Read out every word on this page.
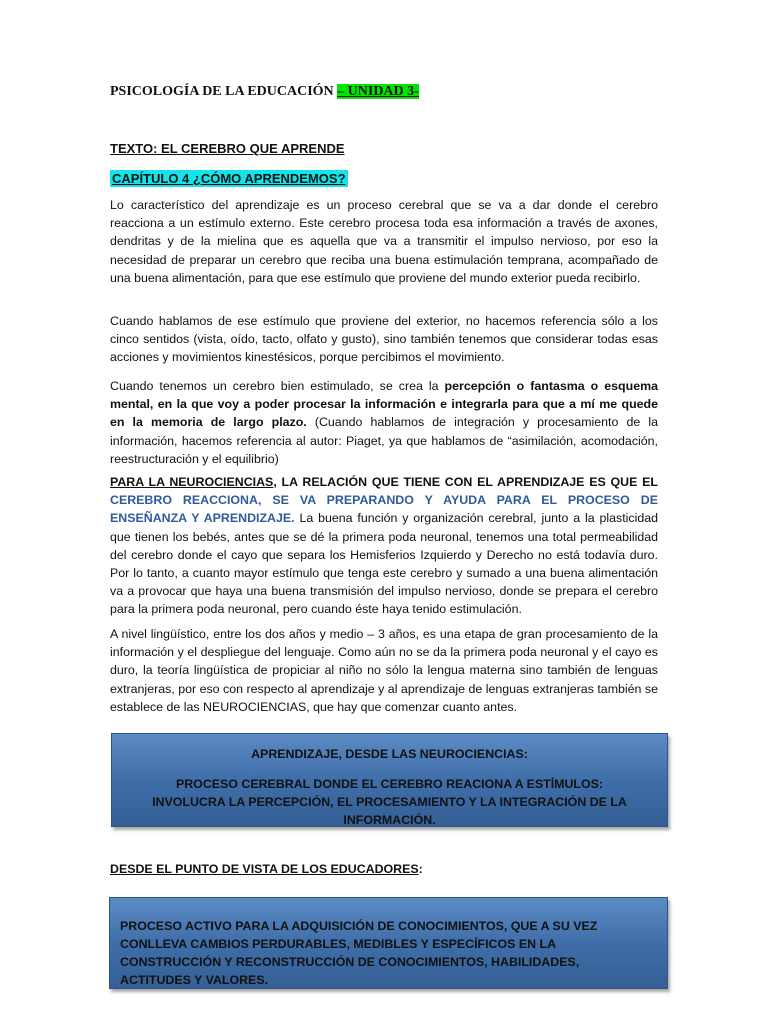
PSICOLOGÍA DE LA EDUCACIÓN – UNIDAD 3-
TEXTO: EL CEREBRO QUE APRENDE
CAPÍTULO 4 ¿CÓMO APRENDEMOS?

Lo característico del aprendizaje es un proceso cerebral que se va a dar donde el cerebro reacciona a un estímulo externo. Este cerebro procesa toda esa información a través de axones, dendritas y de la mielina que es aquella que va a transmitir el impulso nervioso, por eso la necesidad de preparar un cerebro que reciba una buena estimulación temprana, acompañado de una buena alimentación, para que ese estímulo que proviene del mundo exterior pueda recibirlo.

Cuando hablamos de ese estímulo que proviene del exterior, no hacemos referencia sólo a los cinco sentidos (vista, oído, tacto, olfato y gusto), sino también tenemos que considerar todas esas acciones y movimientos kinestésicos, porque percibimos el movimiento.

Cuando tenemos un cerebro bien estimulado, se crea la percepción o fantasma o esquema mental, en la que voy a poder procesar la información e integrarla para que a mí me quede en la memoria de largo plazo. (Cuando hablamos de integración y procesamiento de la información, hacemos referencia al autor: Piaget, ya que hablamos de “asimilación, acomodación, reestructuración y el equilibrio)

PARA LA NEUROCIENCIAS, LA RELACIÓN QUE TIENE CON EL APRENDIZAJE ES QUE EL CEREBRO REACCIONA, SE VA PREPARANDO Y AYUDA PARA EL PROCESO DE ENSEÑANZA Y APRENDIZAJE. La buena función y organización cerebral, junto a la plasticidad que tienen los bebés, antes que se dé la primera poda neuronal, tenemos una total permeabilidad del cerebro donde el cayo que separa los Hemisferios Izquierdo y Derecho no está todavía duro. Por lo tanto, a cuanto mayor estímulo que tenga este cerebro y sumado a una buena alimentación va a provocar que haya una buena transmisión del impulso nervioso, donde se prepara el cerebro para la primera poda neuronal, pero cuando éste haya tenido estimulación.

A nivel lingüístico, entre los dos años y medio – 3 años, es una etapa de gran procesamiento de la información y el despliegue del lenguaje. Como aún no se da la primera poda neuronal y el cayo es duro, la teoría lingüística de propiciar al niño no sólo la lengua materna sino también de lenguas extranjeras, por eso con respecto al aprendizaje y al aprendizaje de lenguas extranjeras también se establece de las NEUROCIENCIAS, que hay que comenzar cuanto antes.

APRENDIZAJE, DESDE LAS NEUROCIENCIAS:
PROCESO CEREBRAL DONDE EL CEREBRO REACIONA A ESTÍMULOS: INVOLUCRA LA PERCEPCIÓN, EL PROCESAMIENTO Y LA INTEGRACIÓN DE LA INFORMACIÓN.
DESDE EL PUNTO DE VISTA DE LOS EDUCADORES:
PROCESO ACTIVO PARA LA ADQUISICIÓN DE CONOCIMIENTOS, QUE A SU VEZ CONLLEVA CAMBIOS PERDURABLES, MEDIBLES Y ESPECÍFICOS EN LA CONSTRUCCIÓN Y RECONSTRUCCIÓN DE CONOCIMIENTOS, HABILIDADES, ACTITUDES Y VALORES.
